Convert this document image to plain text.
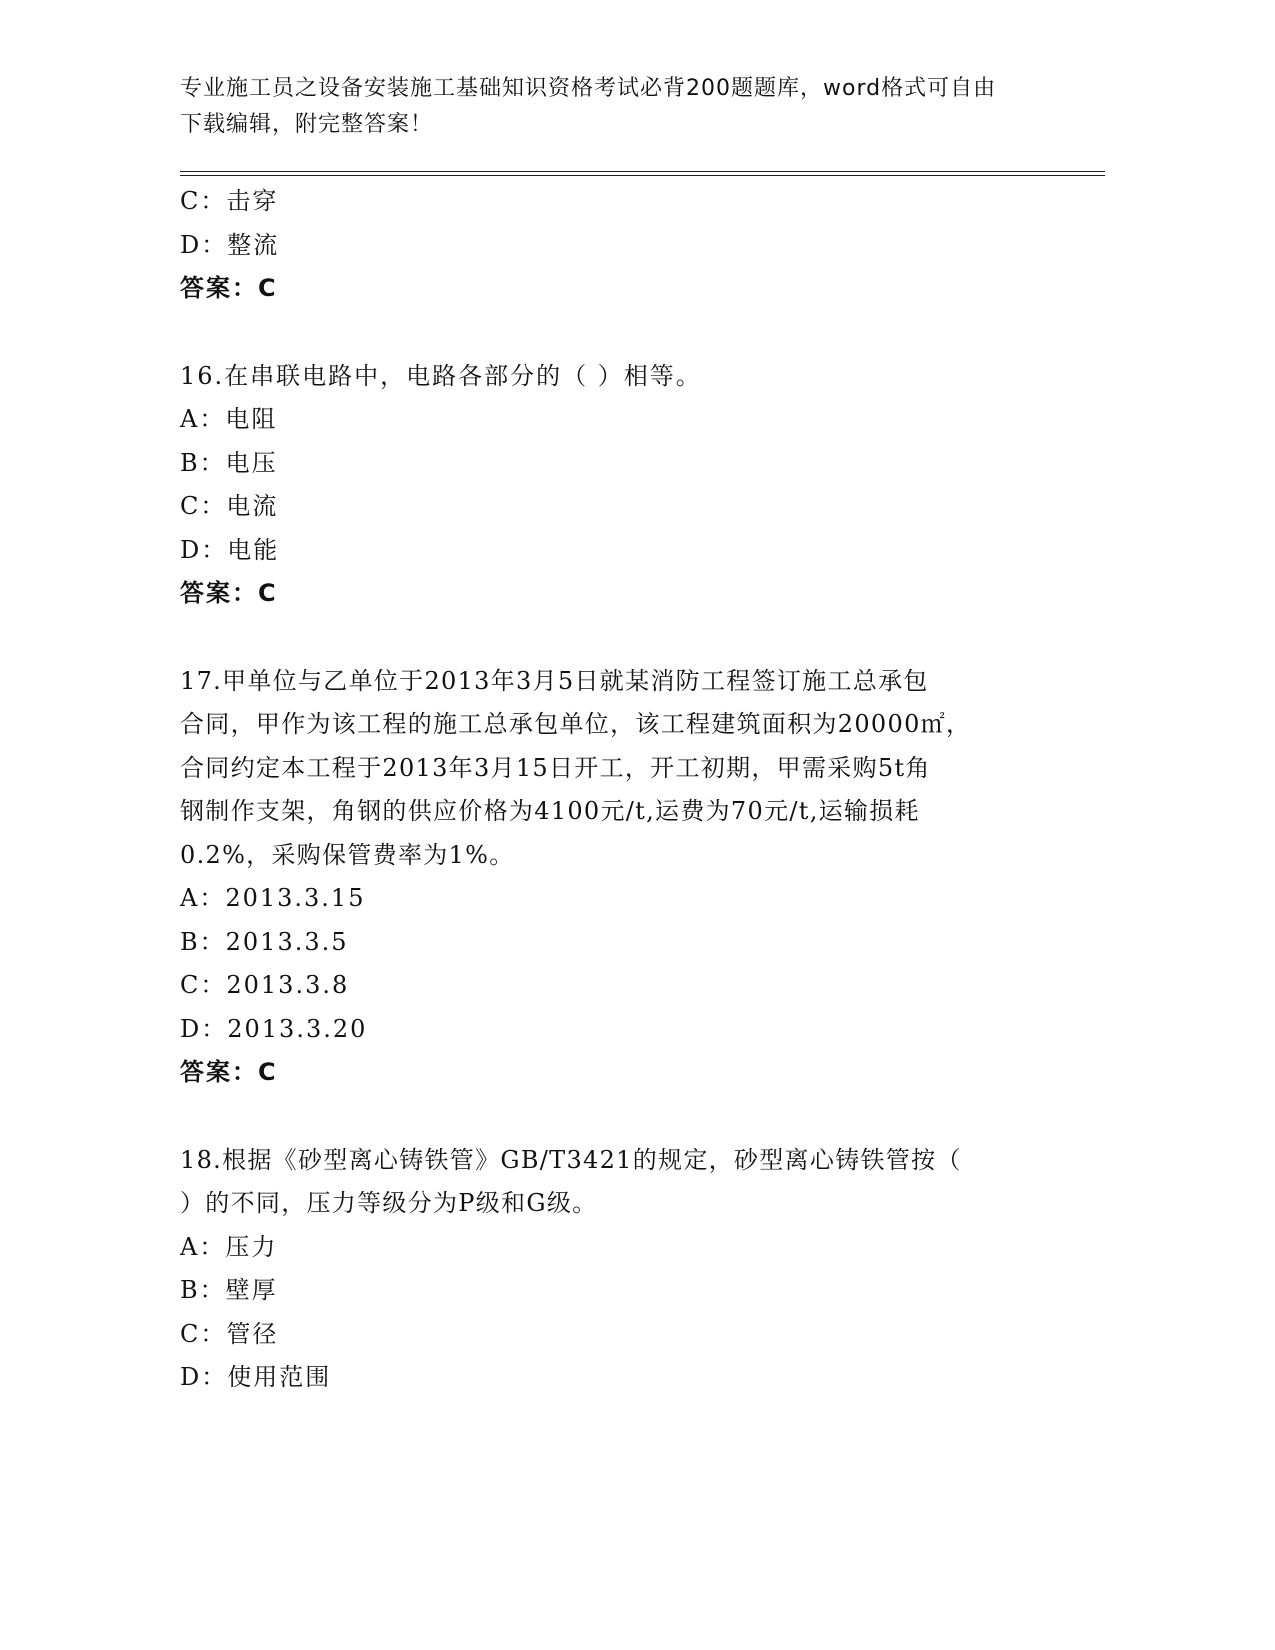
专业施工员之设备安装施工基础知识资格考试必背200题题库，word格式可自由
下载编辑，附完整答案！
C：击穿
D：整流
答案：C
16.在串联电路中，电路各部分的（ ）相等。
A：电阻
B：电压
C：电流
D：电能
答案：C
17.甲单位与乙单位于2013年3月5日就某消防工程签订施工总承包
合同，甲作为该工程的施工总承包单位，该工程建筑面积为20000㎡，
合同约定本工程于2013年3月15日开工，开工初期，甲需采购5t角
钢制作支架，角钢的供应价格为4100元/t,运费为70元/t,运输损耗
0.2%，采购保管费率为1%。
A：2013.3.15
B：2013.3.5
C：2013.3.8
D：2013.3.20
答案：C
18.根据《砂型离心铸铁管》GB/T3421的规定，砂型离心铸铁管按（
）的不同，压力等级分为P级和G级。
A：压力
B：壁厚
C：管径
D：使用范围
